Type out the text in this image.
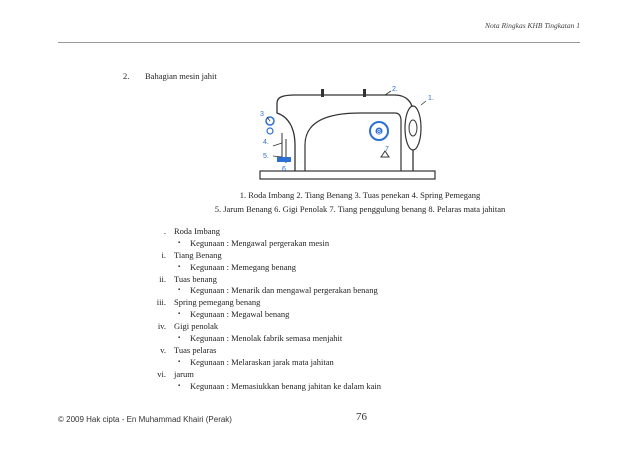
Nota Ringkas KHB Tingkatan 1
2. Bahagian mesin jahit
1.
2.
3
4.
5.
6
7
8
1. Roda Imbang 2. Tiang Benang 3. Tuas penekan 4. Spring Pemegang
5. Jarum Benang 6. Gigi Penolak 7. Tiang penggulung benang 8. Pelaras mata jahitan
. Roda Imbang
▪ Kegunaan : Mengawal pergerakan mesin
i. Tiang Benang
▪ Kegunaan : Memegang benang
ii. Tuas benang
▪ Kegunaan : Menarik dan mengawal pergerakan benang
iii. Spring pemegang benang
▪ Kegunaan : Megawal benang
iv. Gigi penolak
▪ Kegunaan : Menolak fabrik semasa menjahit
v. Tuas pelaras
▪ Kegunaan : Melaraskan jarak mata jahitan
vi. jarum
▪ Kegunaan : Memasiukkan benang jahitan ke dalam kain
© 2009 Hak cipta - En Muhammad Khairi (Perak)	76
